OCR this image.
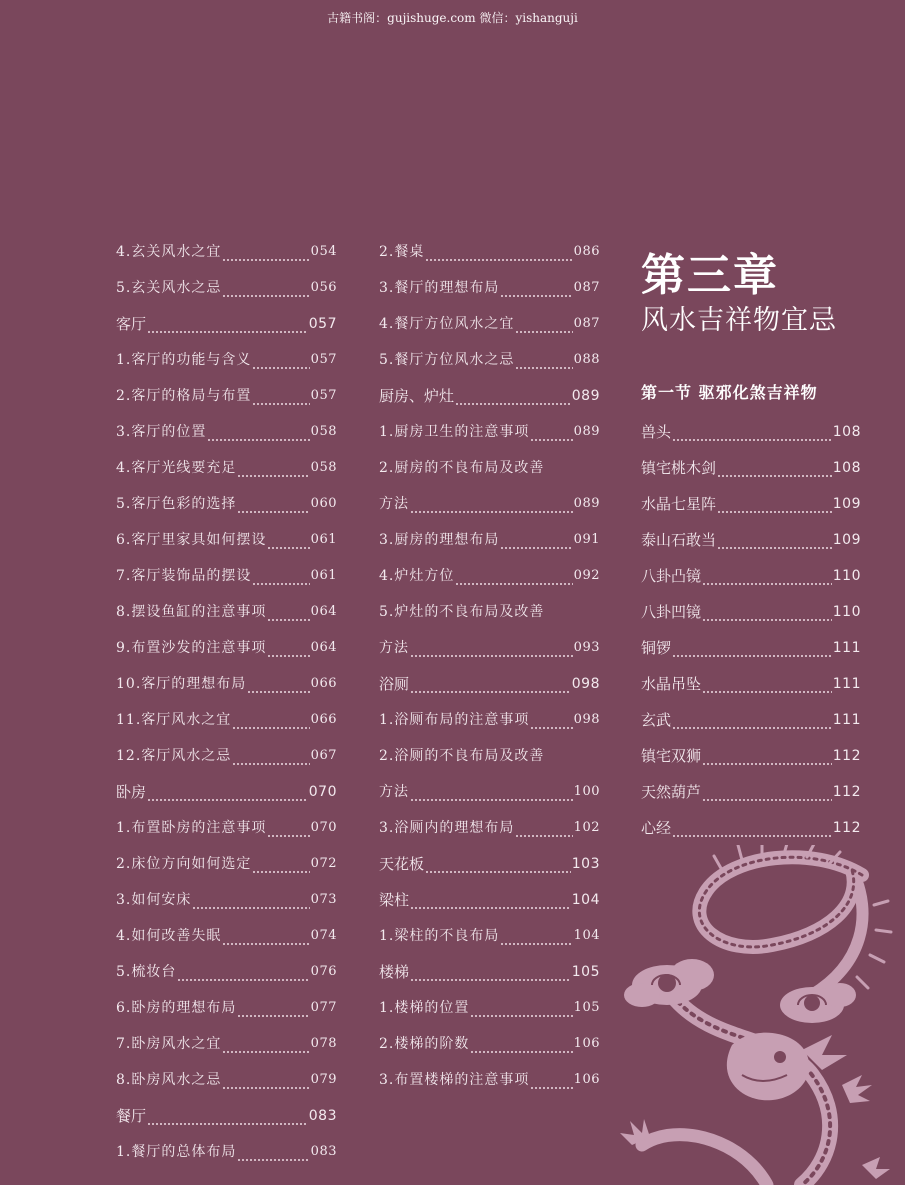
古籍书阁：gujishuge.com 微信：yishanguji
4.玄关风水之宜	054
5.玄关风水之忌	056
客厅	057
1.客厅的功能与含义	057
2.客厅的格局与布置	057
3.客厅的位置	058
4.客厅光线要充足	058
5.客厅色彩的选择	060
6.客厅里家具如何摆设	061
7.客厅装饰品的摆设	061
8.摆设鱼缸的注意事项	064
9.布置沙发的注意事项	064
10.客厅的理想布局	066
11.客厅风水之宜	066
12.客厅风水之忌	067
卧房	070
1.布置卧房的注意事项	070
2.床位方向如何选定	072
3.如何安床	073
4.如何改善失眠	074
5.梳妆台	076
6.卧房的理想布局	077
7.卧房风水之宜	078
8.卧房风水之忌	079
餐厅	083
1.餐厅的总体布局	083
2.餐桌	086
3.餐厅的理想布局	087
4.餐厅方位风水之宜	087
5.餐厅方位风水之忌	088
厨房、炉灶	089
1.厨房卫生的注意事项	089
2.厨房的不良布局及改善
方法	089
3.厨房的理想布局	091
4.炉灶方位	092
5.炉灶的不良布局及改善
方法	093
浴厕	098
1.浴厕布局的注意事项	098
2.浴厕的不良布局及改善
方法	100
3.浴厕内的理想布局	102
天花板	103
梁柱	104
1.梁柱的不良布局	104
楼梯	105
1.楼梯的位置	105
2.楼梯的阶数	106
3.布置楼梯的注意事项	106
第三章
风水吉祥物宜忌
第一节 驱邪化煞吉祥物
兽头	108
镇宅桃木剑	108
水晶七星阵	109
泰山石敢当	109
八卦凸镜	110
八卦凹镜	110
铜锣	111
水晶吊坠	111
玄武	111
镇宅双狮	112
天然葫芦	112
心经	112
